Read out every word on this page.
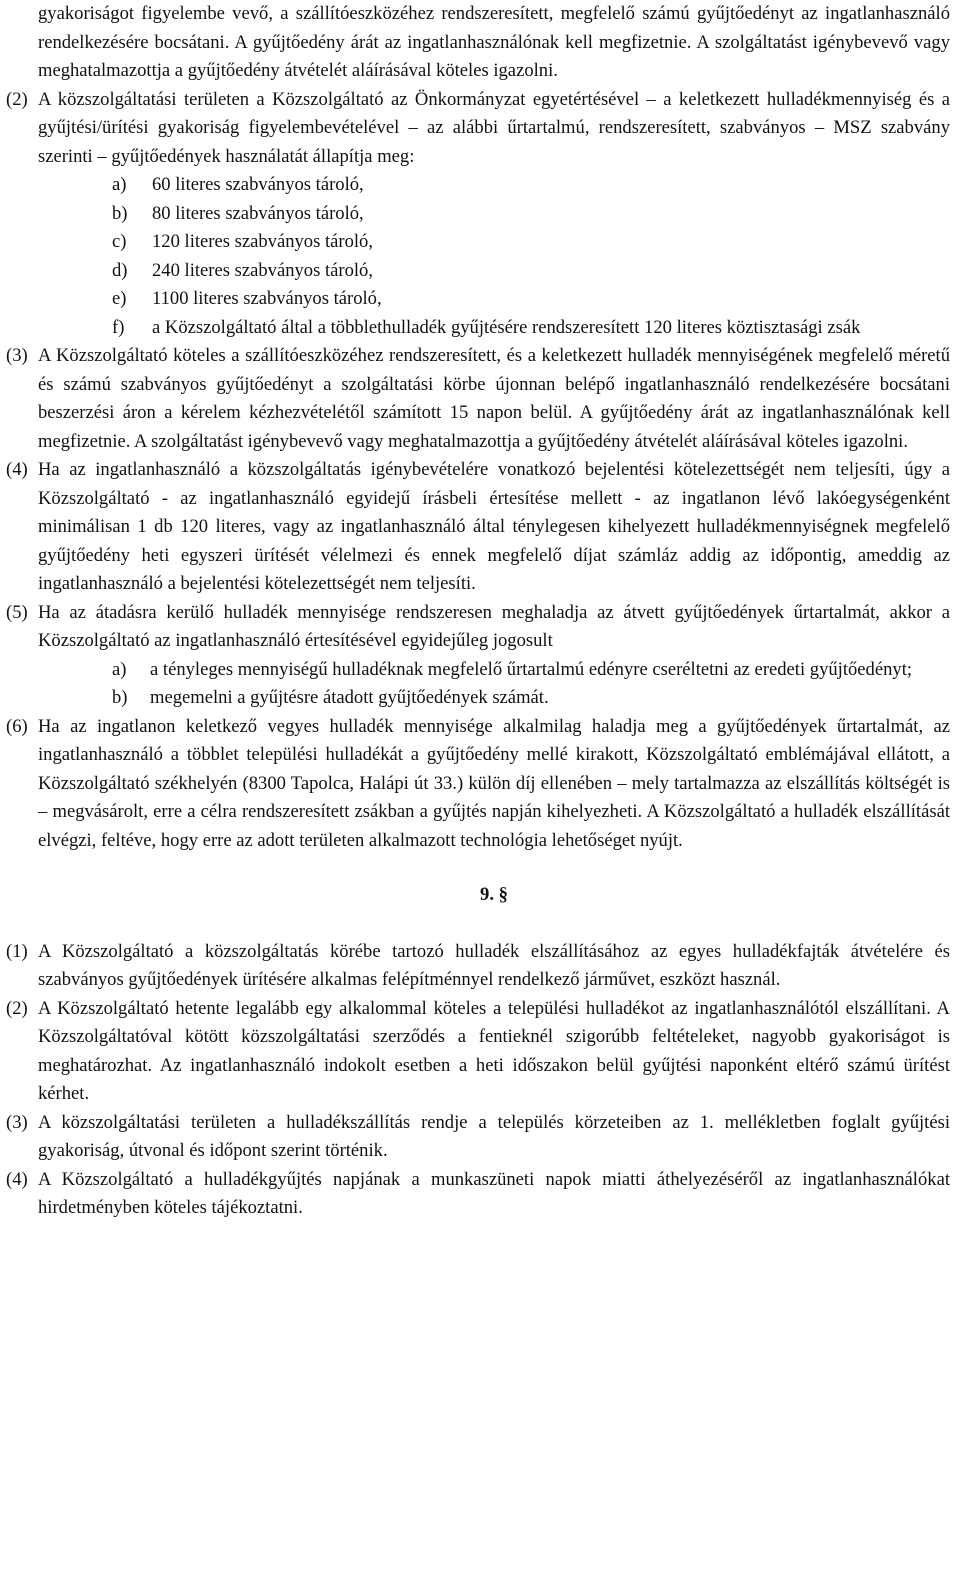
gyakoriságot figyelembe vevő, a szállítóeszközéhez rendszeresített, megfelelő számú gyűjtőedényt az ingatlanhasználó rendelkezésére bocsátani. A gyűjtőedény árát az ingatlanhasználónak kell megfizetnie. A szolgáltatást igénybevevő vagy meghatalmazottja a gyűjtőedény átvételét aláírásával köteles igazolni.

(2) A közszolgáltatási területen a Közszolgáltató az Önkormányzat egyetértésével – a keletkezett hulladékmennyiség és a gyűjtési/ürítési gyakoriság figyelembevételével – az alábbi űrtartalmú, rendszeresített, szabványos – MSZ szabvány szerinti – gyűjtőedények használatát állapítja meg:
a) 60 literes szabványos tároló,
b) 80 literes szabványos tároló,
c) 120 literes szabványos tároló,
d) 240 literes szabványos tároló,
e) 1100 literes szabványos tároló,
f) a Közszolgáltató által a többlethulladék gyűjtésére rendszeresített 120 literes köztisztasági zsák
(3) A Közszolgáltató köteles a szállítóeszközéhez rendszeresített, és a keletkezett hulladék mennyiségének megfelelő méretű és számú szabványos gyűjtőedényt a szolgáltatási körbe újonnan belépő ingatlanhasználó rendelkezésére bocsátani beszerzési áron a kérelem kézhezvételétől számított 15 napon belül. A gyűjtőedény árát az ingatlanhasználónak kell megfizetnie. A szolgáltatást igénybevevő vagy meghatalmazottja a gyűjtőedény átvételét aláírásával köteles igazolni.
(4) Ha az ingatlanhasználó a közszolgáltatás igénybevételére vonatkozó bejelentési kötelezettségét nem teljesíti, úgy a Közszolgáltató - az ingatlanhasználó egyidejű írásbeli értesítése mellett - az ingatlanon lévő lakóegységenként minimálisan 1 db 120 literes, vagy az ingatlanhasználó által ténylegesen kihelyezett hulladékmennyiségnek megfelelő gyűjtőedény heti egyszeri ürítését vélelmezi és ennek megfelelő díjat számláz addig az időpontig, ameddig az ingatlanhasználó a bejelentési kötelezettségét nem teljesíti.
(5) Ha az átadásra kerülő hulladék mennyisége rendszeresen meghaladja az átvett gyűjtőedények űrtartalmát, akkor a Közszolgáltató az ingatlanhasználó értesítésével egyidejűleg jogosult
a) a tényleges mennyiségű hulladéknak megfelelő űrtartalmú edényre cseréltetni az eredeti gyűjtőedényt;
b) megemelni a gyűjtésre átadott gyűjtőedények számát.
(6) Ha az ingatlanon keletkező vegyes hulladék mennyisége alkalmilag haladja meg a gyűjtőedények űrtartalmát, az ingatlanhasználó a többlet települési hulladékát a gyűjtőedény mellé kirakott, Közszolgáltató emblémájával ellátott, a Közszolgáltató székhelyén (8300 Tapolca, Halápi út 33.) külön díj ellenében – mely tartalmazza az elszállítás költségét is – megvásárolt, erre a célra rendszeresített zsákban a gyűjtés napján kihelyezheti. A Közszolgáltató a hulladék elszállítását elvégzi, feltéve, hogy erre az adott területen alkalmazott technológia lehetőséget nyújt.
9. §
(1) A Közszolgáltató a közszolgáltatás körébe tartozó hulladék elszállításához az egyes hulladékfajták átvételére és szabványos gyűjtőedények ürítésére alkalmas felépítménnyel rendelkező járművet, eszközt használ.
(2) A Közszolgáltató hetente legalább egy alkalommal köteles a települési hulladékot az ingatlanhasználótól elszállítani. A Közszolgáltatóval kötött közszolgáltatási szerződés a fentieknél szigorúbb feltételeket, nagyobb gyakoriságot is meghatározhat. Az ingatlanhasználó indokolt esetben a heti időszakon belül gyűjtési naponként eltérő számú ürítést kérhet.
(3) A közszolgáltatási területen a hulladékszállítás rendje a település körzeteiben az 1. mellékletben foglalt gyűjtési gyakoriság, útvonal és időpont szerint történik.
(4) A Közszolgáltató a hulladékgyűjtés napjának a munkaszüneti napok miatti áthelyezéséről az ingatlanhasználókat hirdetményben köteles tájékoztatni.
